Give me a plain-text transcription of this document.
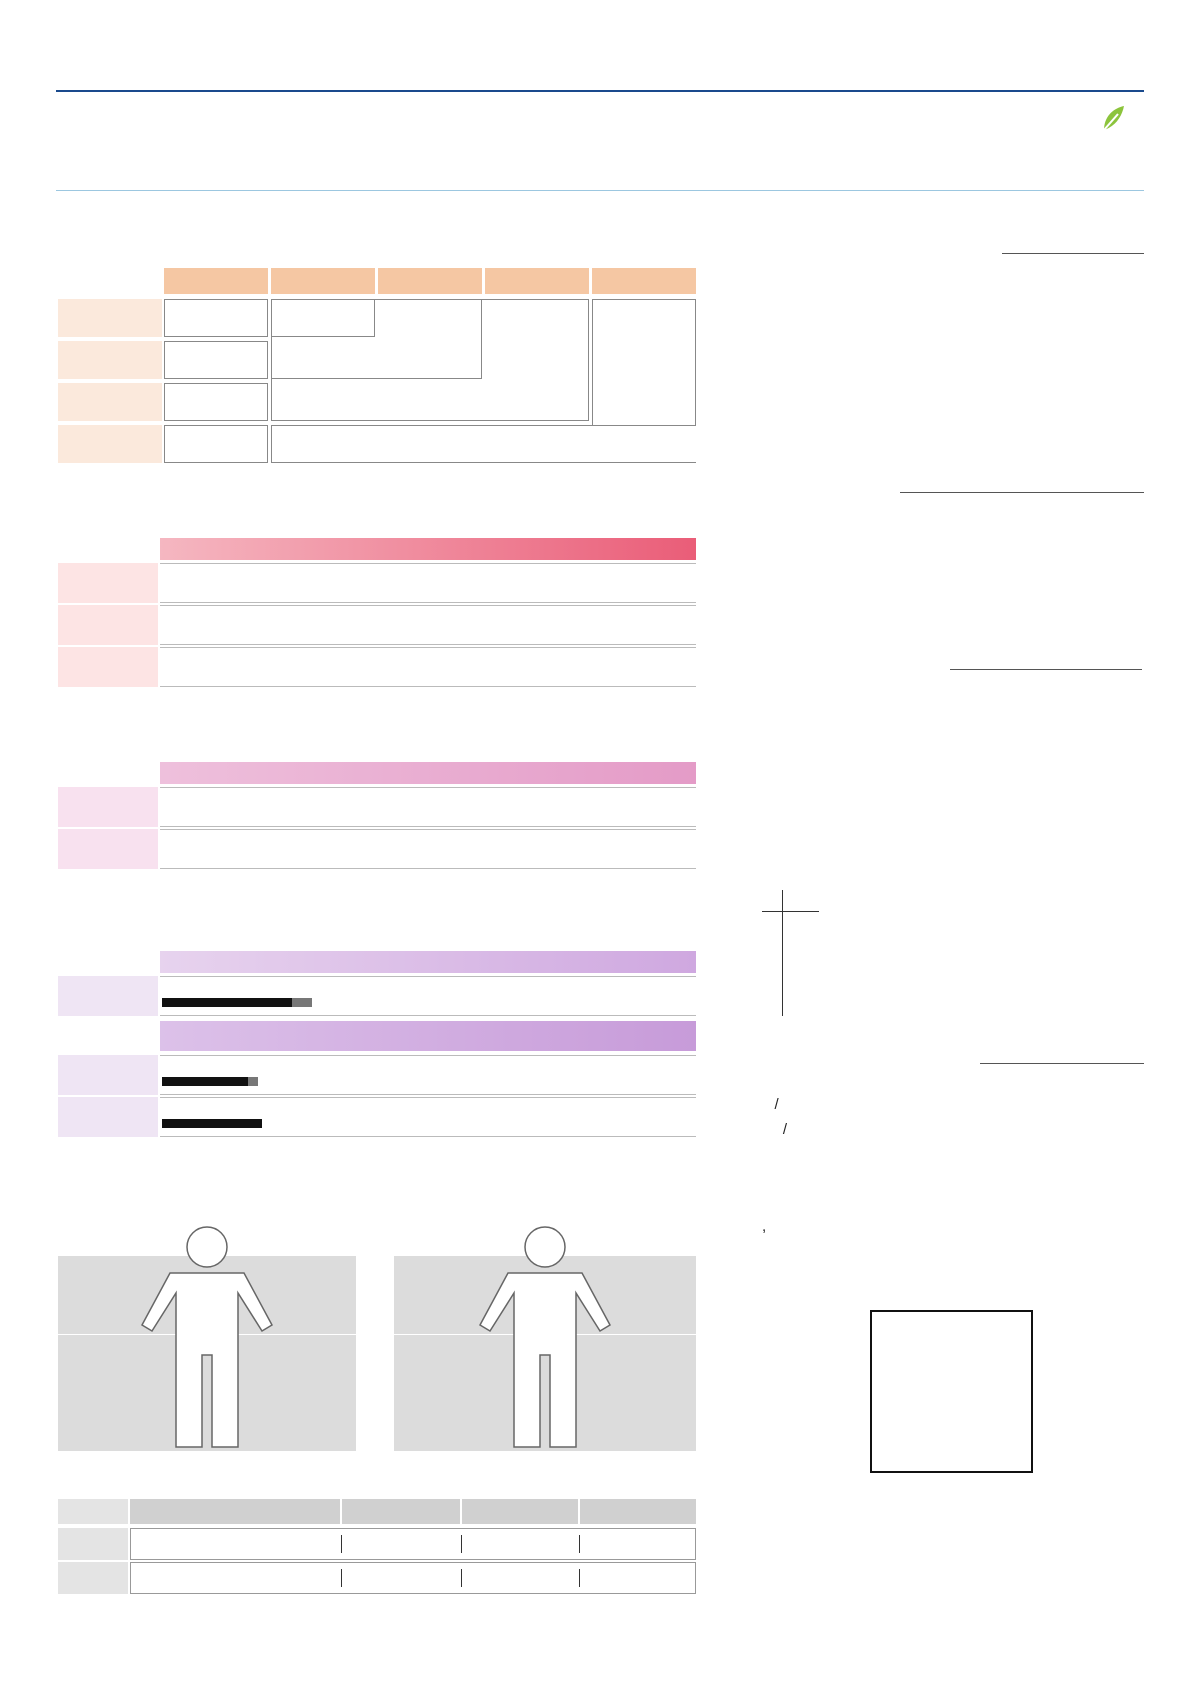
/
/

,
